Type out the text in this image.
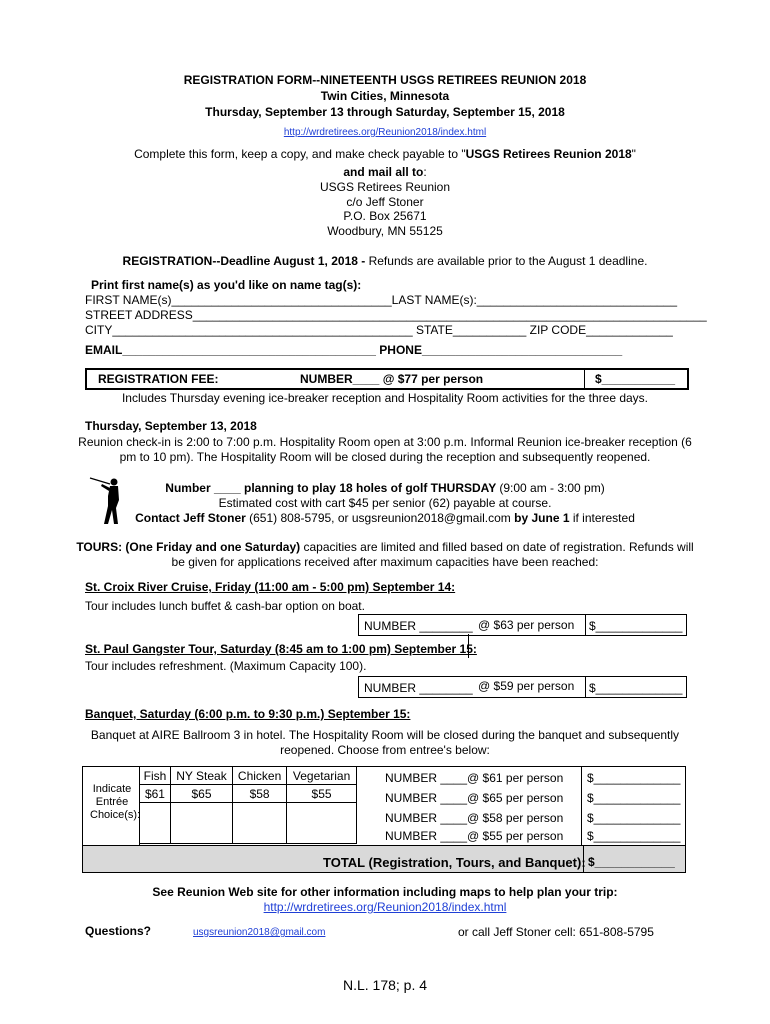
REGISTRATION FORM--NINETEENTH USGS RETIREES REUNION 2018
Twin Cities, Minnesota
Thursday, September 13 through Saturday, September 15, 2018
http://wrdretirees.org/Reunion2018/index.html
Complete this form, keep a copy, and make check payable to "USGS Retirees Reunion 2018"
and mail all to:
USGS Retirees Reunion
c/o Jeff Stoner
P.O. Box 25671
Woodbury, MN 55125
REGISTRATION--Deadline August 1, 2018 - Refunds are available prior to the August 1 deadline.
Print first name(s) as you'd like on name tag(s):
FIRST NAME(s)_________________________________LAST NAME(s):______________________________
STREET ADDRESS_____________________________________________________________________________
CITY_____________________________________________ STATE___________ ZIP CODE_____________
EMAIL______________________________________ PHONE______________________________
REGISTRATION FEE:	NUMBER____ @ $77 per person	$___________
Includes Thursday evening ice-breaker reception and Hospitality Room activities for the three days.
Thursday, September 13, 2018
Reunion check-in is 2:00 to 7:00 p.m. Hospitality Room open at 3:00 p.m. Informal Reunion ice-breaker reception (6
pm to 10 pm). The Hospitality Room will be closed during the reception and subsequently reopened.
Number ____ planning to play 18 holes of golf THURSDAY (9:00 am - 3:00 pm)
Estimated cost with cart $45 per senior (62) payable at course.
Contact Jeff Stoner (651) 808-5795, or usgsreunion2018@gmail.com by June 1 if interested
TOURS: (One Friday and one Saturday) capacities are limited and filled based on date of registration. Refunds will
be given for applications received after maximum capacities have been reached:
St. Croix River Cruise, Friday (11:00 am - 5:00 pm) September 14:
Tour includes lunch buffet & cash-bar option on boat.
NUMBER ________ @ $63 per person $_____________
St. Paul Gangster Tour, Saturday (8:45 am to 1:00 pm) September 15:
Tour includes refreshment. (Maximum Capacity 100).
NUMBER ________ @ $59 per person $_____________
Banquet, Saturday (6:00 p.m. to 9:30 p.m.) September 15:
Banquet at AIRE Ballroom 3 in hotel. The Hospitality Room will be closed during the banquet and subsequently
reopened. Choose from entree's below:
Indicate
Entrée
Choice(s):
Fish	NY Steak	Chicken	Vegetarian
$61	$65	$58	$55

NUMBER ____@ $61 per person $_____________
NUMBER ____@ $65 per person $_____________
NUMBER ____@ $58 per person $_____________
NUMBER ____@ $55 per person $_____________
TOTAL (Registration, Tours, and Banquet): $____________
See Reunion Web site for other information including maps to help plan your trip:
http://wrdretirees.org/Reunion2018/index.html
Questions?	usgsreunion2018@gmail.com	or call Jeff Stoner cell: 651-808-5795
N.L. 178; p. 4
